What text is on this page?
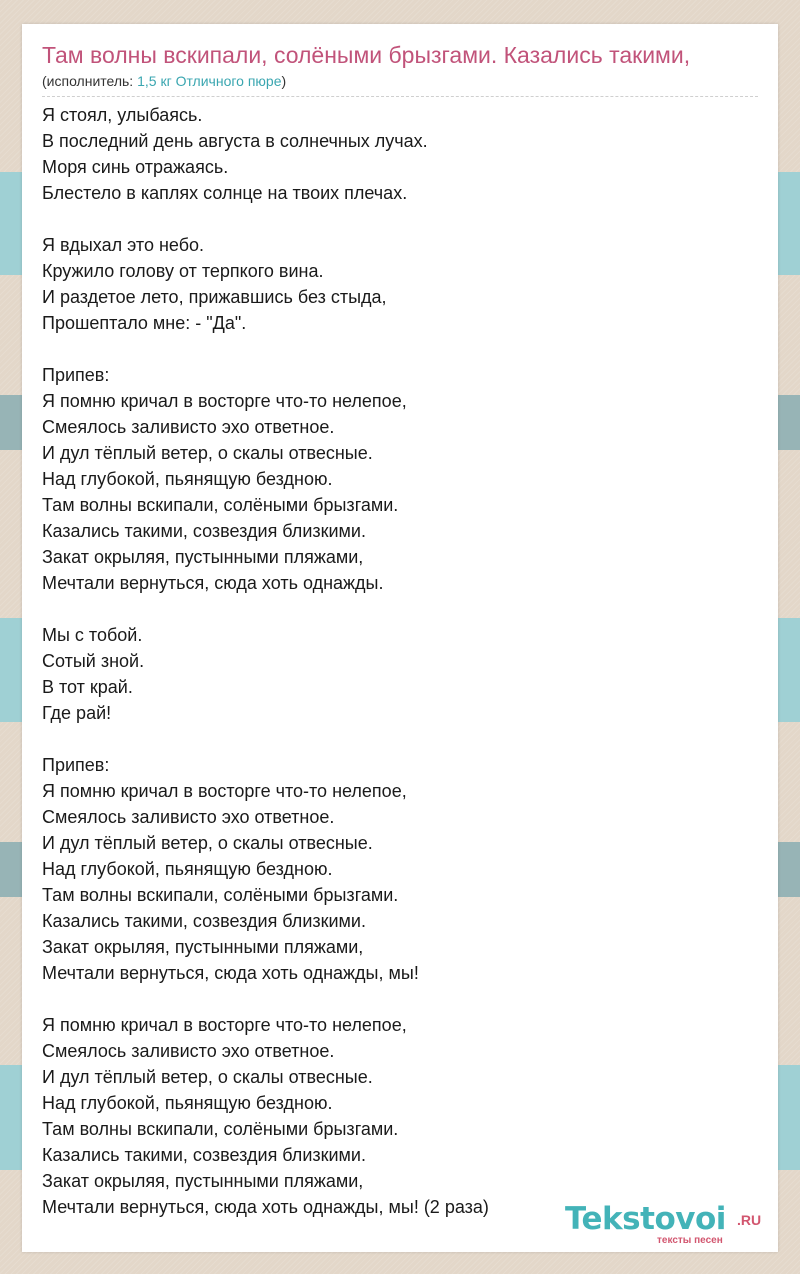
Там волны вскипали, солёными брызгами. Казались такими,
(исполнитель: 1,5 кг Отличного пюре)
Я стоял, улыбаясь.
В последний день августа в солнечных лучах.
Моря синь отражаясь.
Блестело в каплях солнце на твоих плечах.
Я вдыхал это небо.
Кружило голову от терпкого вина.
И раздетое лето, прижавшись без стыда,
Прошептало мне: - "Да".
Припев:
Я помню кричал в восторге что-то нелепое,
Смеялось заливисто эхо ответное.
И дул тёплый ветер, о скалы отвесные.
Над глубокой, пьянящую бездною.
Там волны вскипали, солёными брызгами.
Казались такими, созвездия близкими.
Закат окрыляя, пустынными пляжами,
Мечтали вернуться, сюда хоть однажды.
Мы с тобой.
Сотый зной.
В тот край.
Где рай!
Припев:
Я помню кричал в восторге что-то нелепое,
Смеялось заливисто эхо ответное.
И дул тёплый ветер, о скалы отвесные.
Над глубокой, пьянящую бездною.
Там волны вскипали, солёными брызгами.
Казались такими, созвездия близкими.
Закат окрыляя, пустынными пляжами,
Мечтали вернуться, сюда хоть однажды, мы!
Я помню кричал в восторге что-то нелепое,
Смеялось заливисто эхо ответное.
И дул тёплый ветер, о скалы отвесные.
Над глубокой, пьянящую бездною.
Там волны вскипали, солёными брызгами.
Казались такими, созвездия близкими.
Закат окрыляя, пустынными пляжами,
Мечтали вернуться, сюда хоть однажды, мы! (2 раза)	Tekstovoi .RU
тексты песен
